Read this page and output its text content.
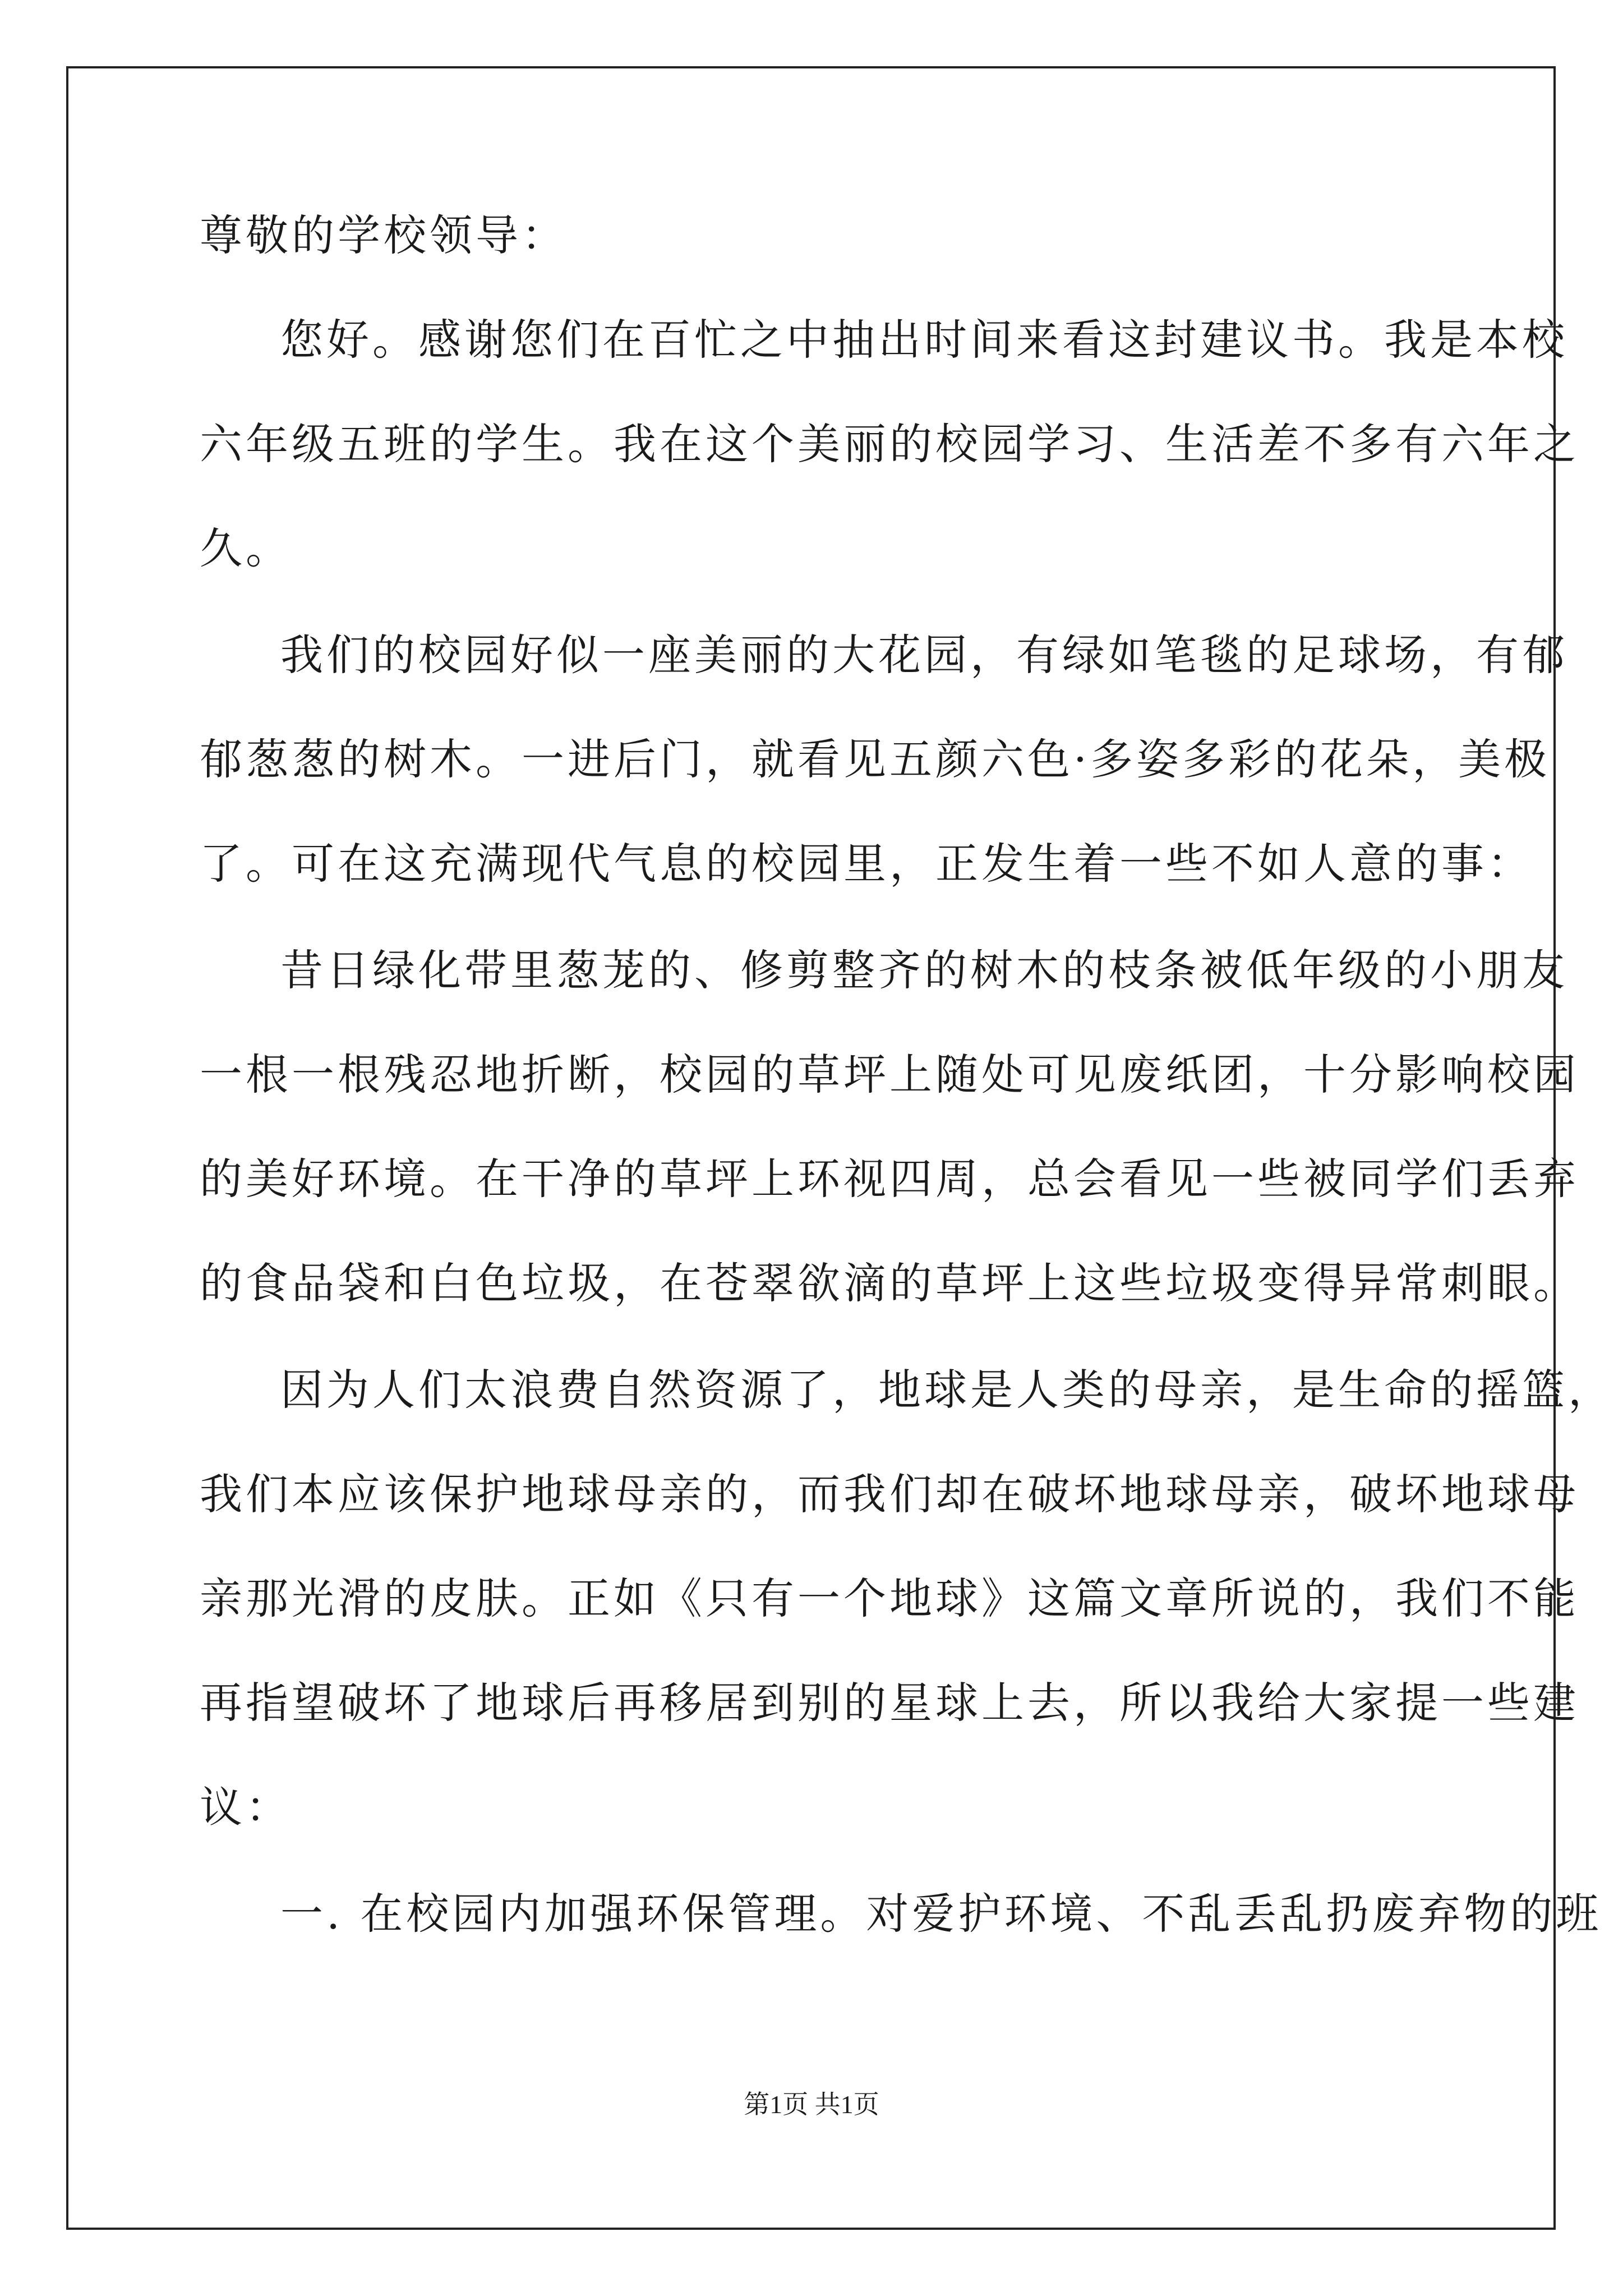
尊敬的学校领导：
您好。感谢您们在百忙之中抽出时间来看这封建议书。我是本校
六年级五班的学生。我在这个美丽的校园学习、生活差不多有六年之
久。
我们的校园好似一座美丽的大花园，有绿如笔毯的足球场，有郁
郁葱葱的树木。一进后门，就看见五颜六色·多姿多彩的花朵，美极
了。可在这充满现代气息的校园里，正发生着一些不如人意的事：
昔日绿化带里葱茏的、修剪整齐的树木的枝条被低年级的小朋友
一根一根残忍地折断，校园的草坪上随处可见废纸团，十分影响校园
的美好环境。在干净的草坪上环视四周，总会看见一些被同学们丢弃
的食品袋和白色垃圾，在苍翠欲滴的草坪上这些垃圾变得异常刺眼。
因为人们太浪费自然资源了，地球是人类的母亲，是生命的摇篮，
我们本应该保护地球母亲的，而我们却在破坏地球母亲，破坏地球母
亲那光滑的皮肤。正如《只有一个地球》这篇文章所说的，我们不能
再指望破坏了地球后再移居到别的星球上去，所以我给大家提一些建
议：
一. 在校园内加强环保管理。对爱护环境、不乱丢乱扔废弃物的班
第1页 共1页
